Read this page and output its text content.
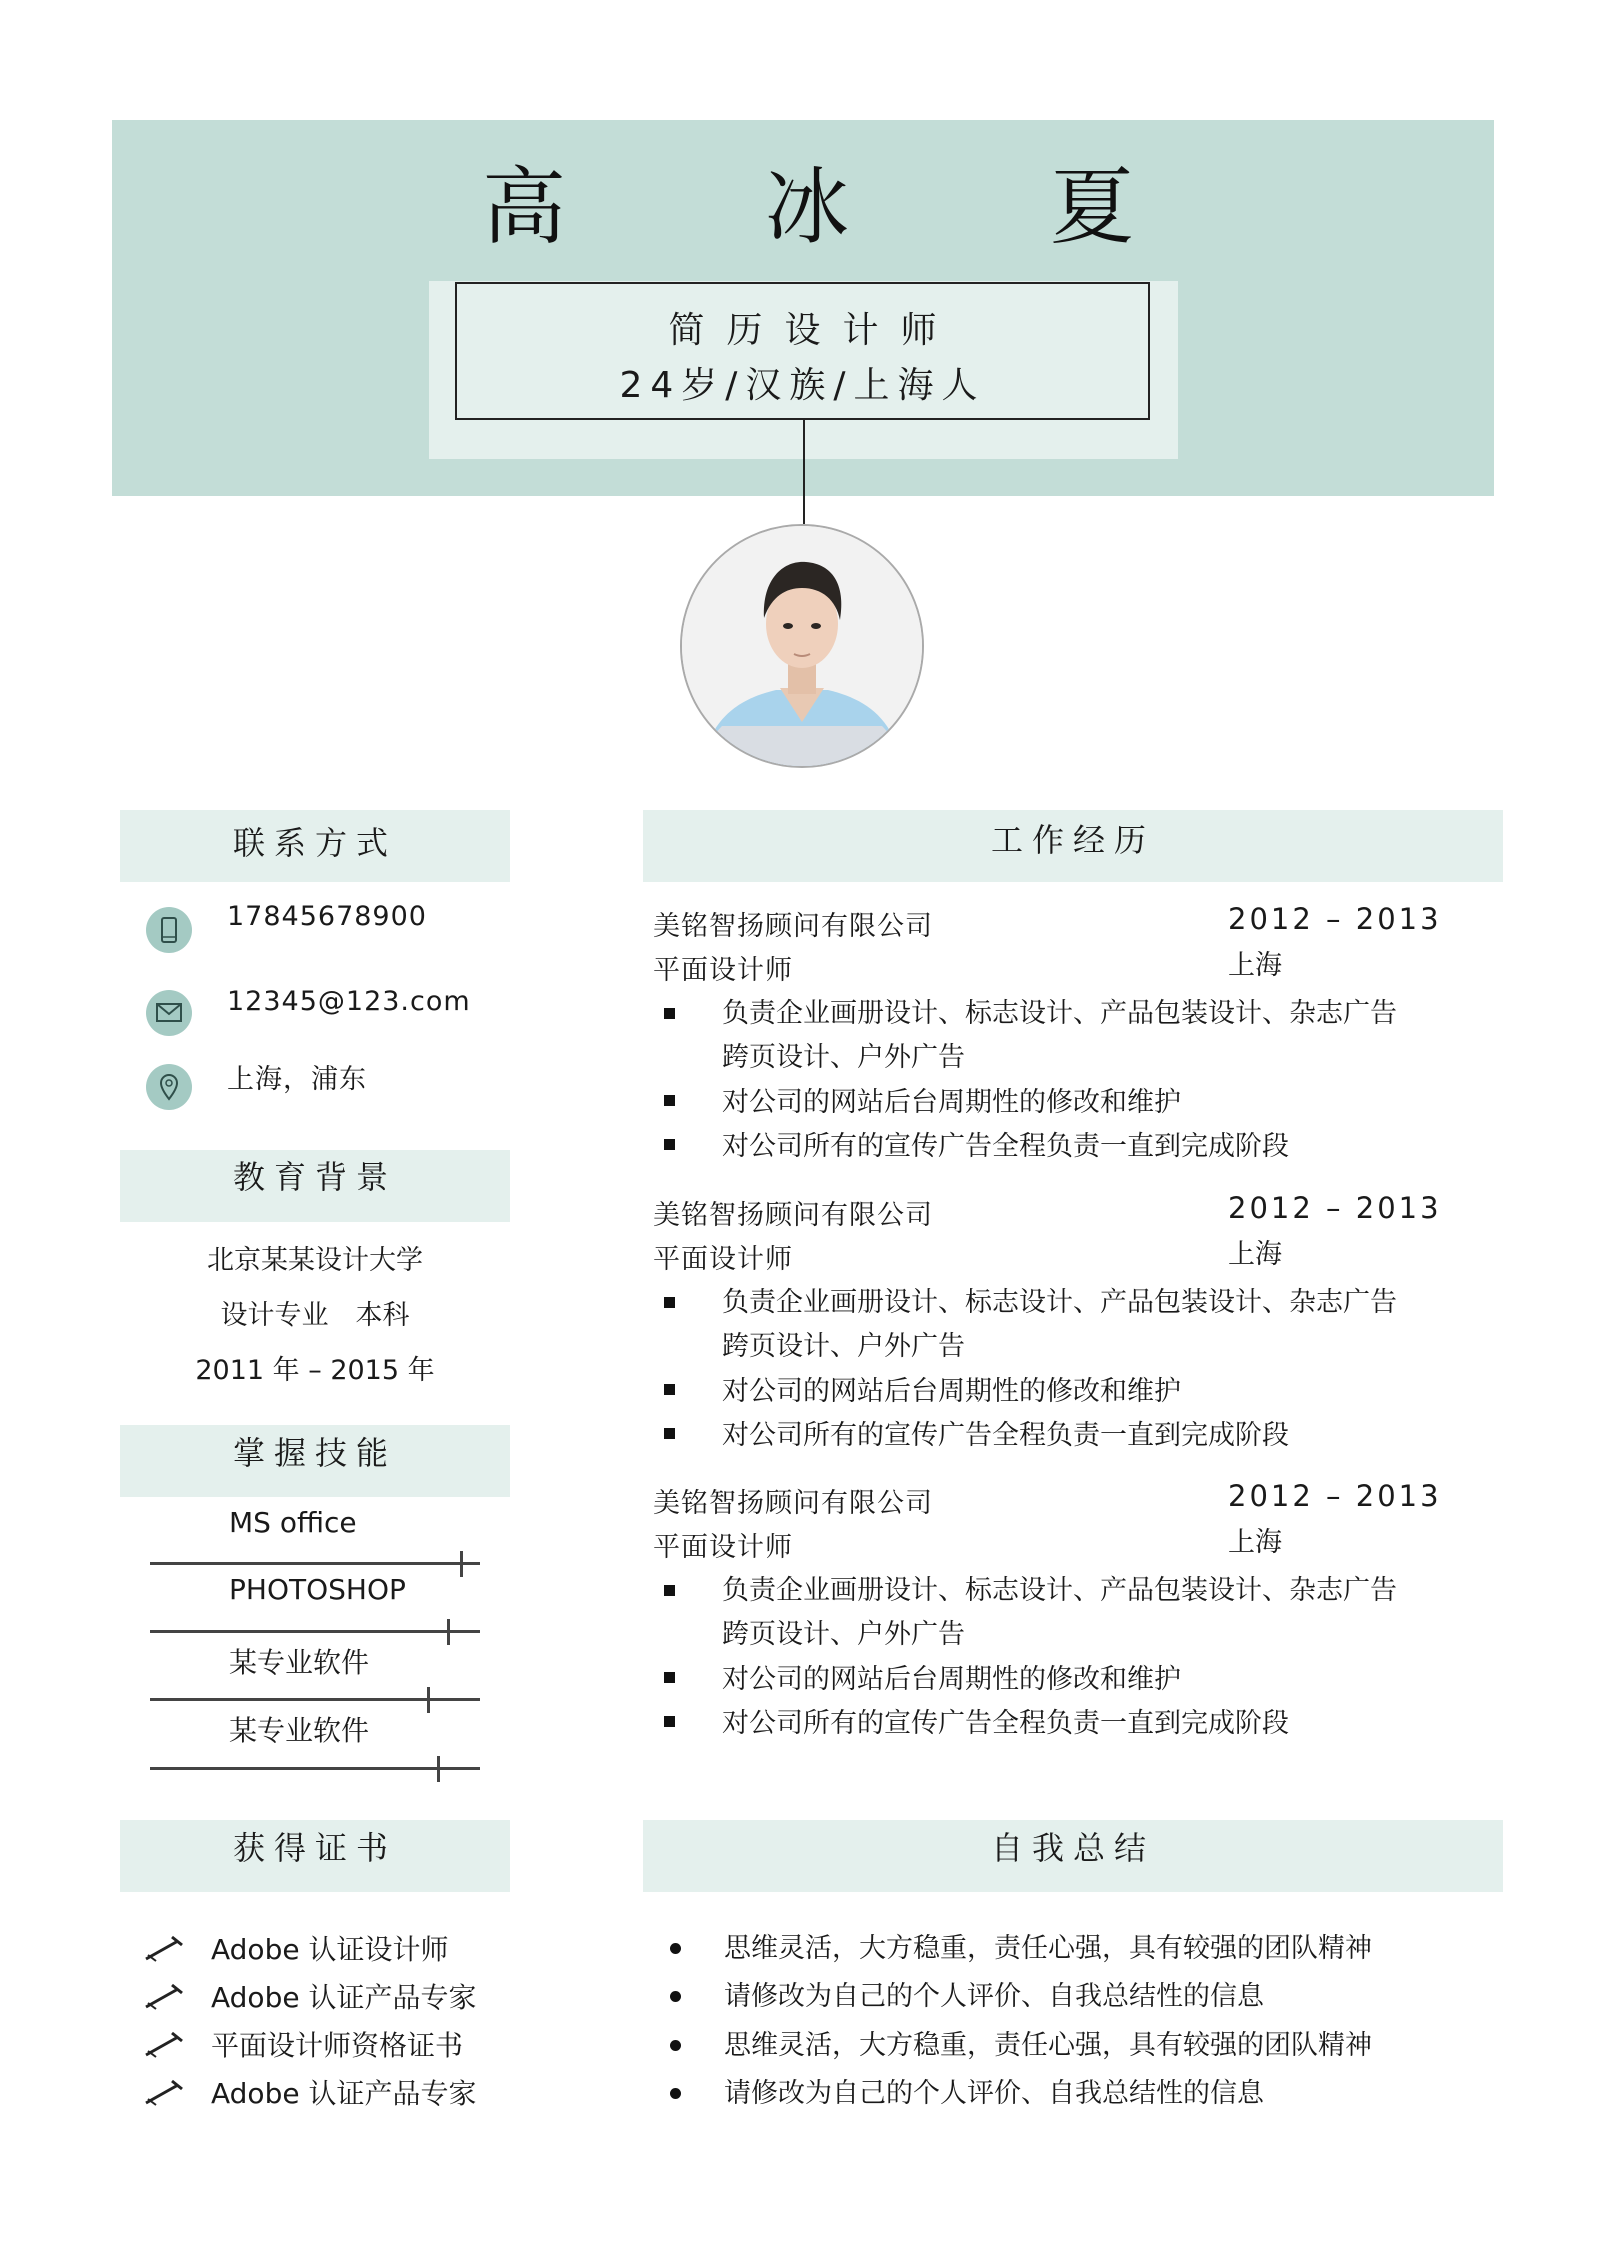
高 冰 夏
简历设计师
24岁/汉族/上海人
联系方式
17845678900
12345@123.com
上海，浦东
教育背景
北京某某设计大学
设计专业　本科
2011 年 – 2015 年
掌握技能
MS office
PHOTOSHOP
某专业软件
某专业软件
获得证书
Adobe 认证设计师
Adobe 认证产品专家
平面设计师资格证书
Adobe 认证产品专家
工作经历
美铭智扬顾问有限公司	2012 – 2013
平面设计师	上海
负责企业画册设计、标志设计、产品包装设计、杂志广告跨页设计、户外广告
对公司的网站后台周期性的修改和维护
对公司所有的宣传广告全程负责一直到完成阶段
美铭智扬顾问有限公司	2012 – 2013
平面设计师	上海
负责企业画册设计、标志设计、产品包装设计、杂志广告跨页设计、户外广告
对公司的网站后台周期性的修改和维护
对公司所有的宣传广告全程负责一直到完成阶段
美铭智扬顾问有限公司	2012 – 2013
平面设计师	上海
负责企业画册设计、标志设计、产品包装设计、杂志广告跨页设计、户外广告
对公司的网站后台周期性的修改和维护
对公司所有的宣传广告全程负责一直到完成阶段
自我总结
思维灵活，大方稳重，责任心强，具有较强的团队精神
请修改为自己的个人评价、自我总结性的信息
思维灵活，大方稳重，责任心强，具有较强的团队精神
请修改为自己的个人评价、自我总结性的信息
